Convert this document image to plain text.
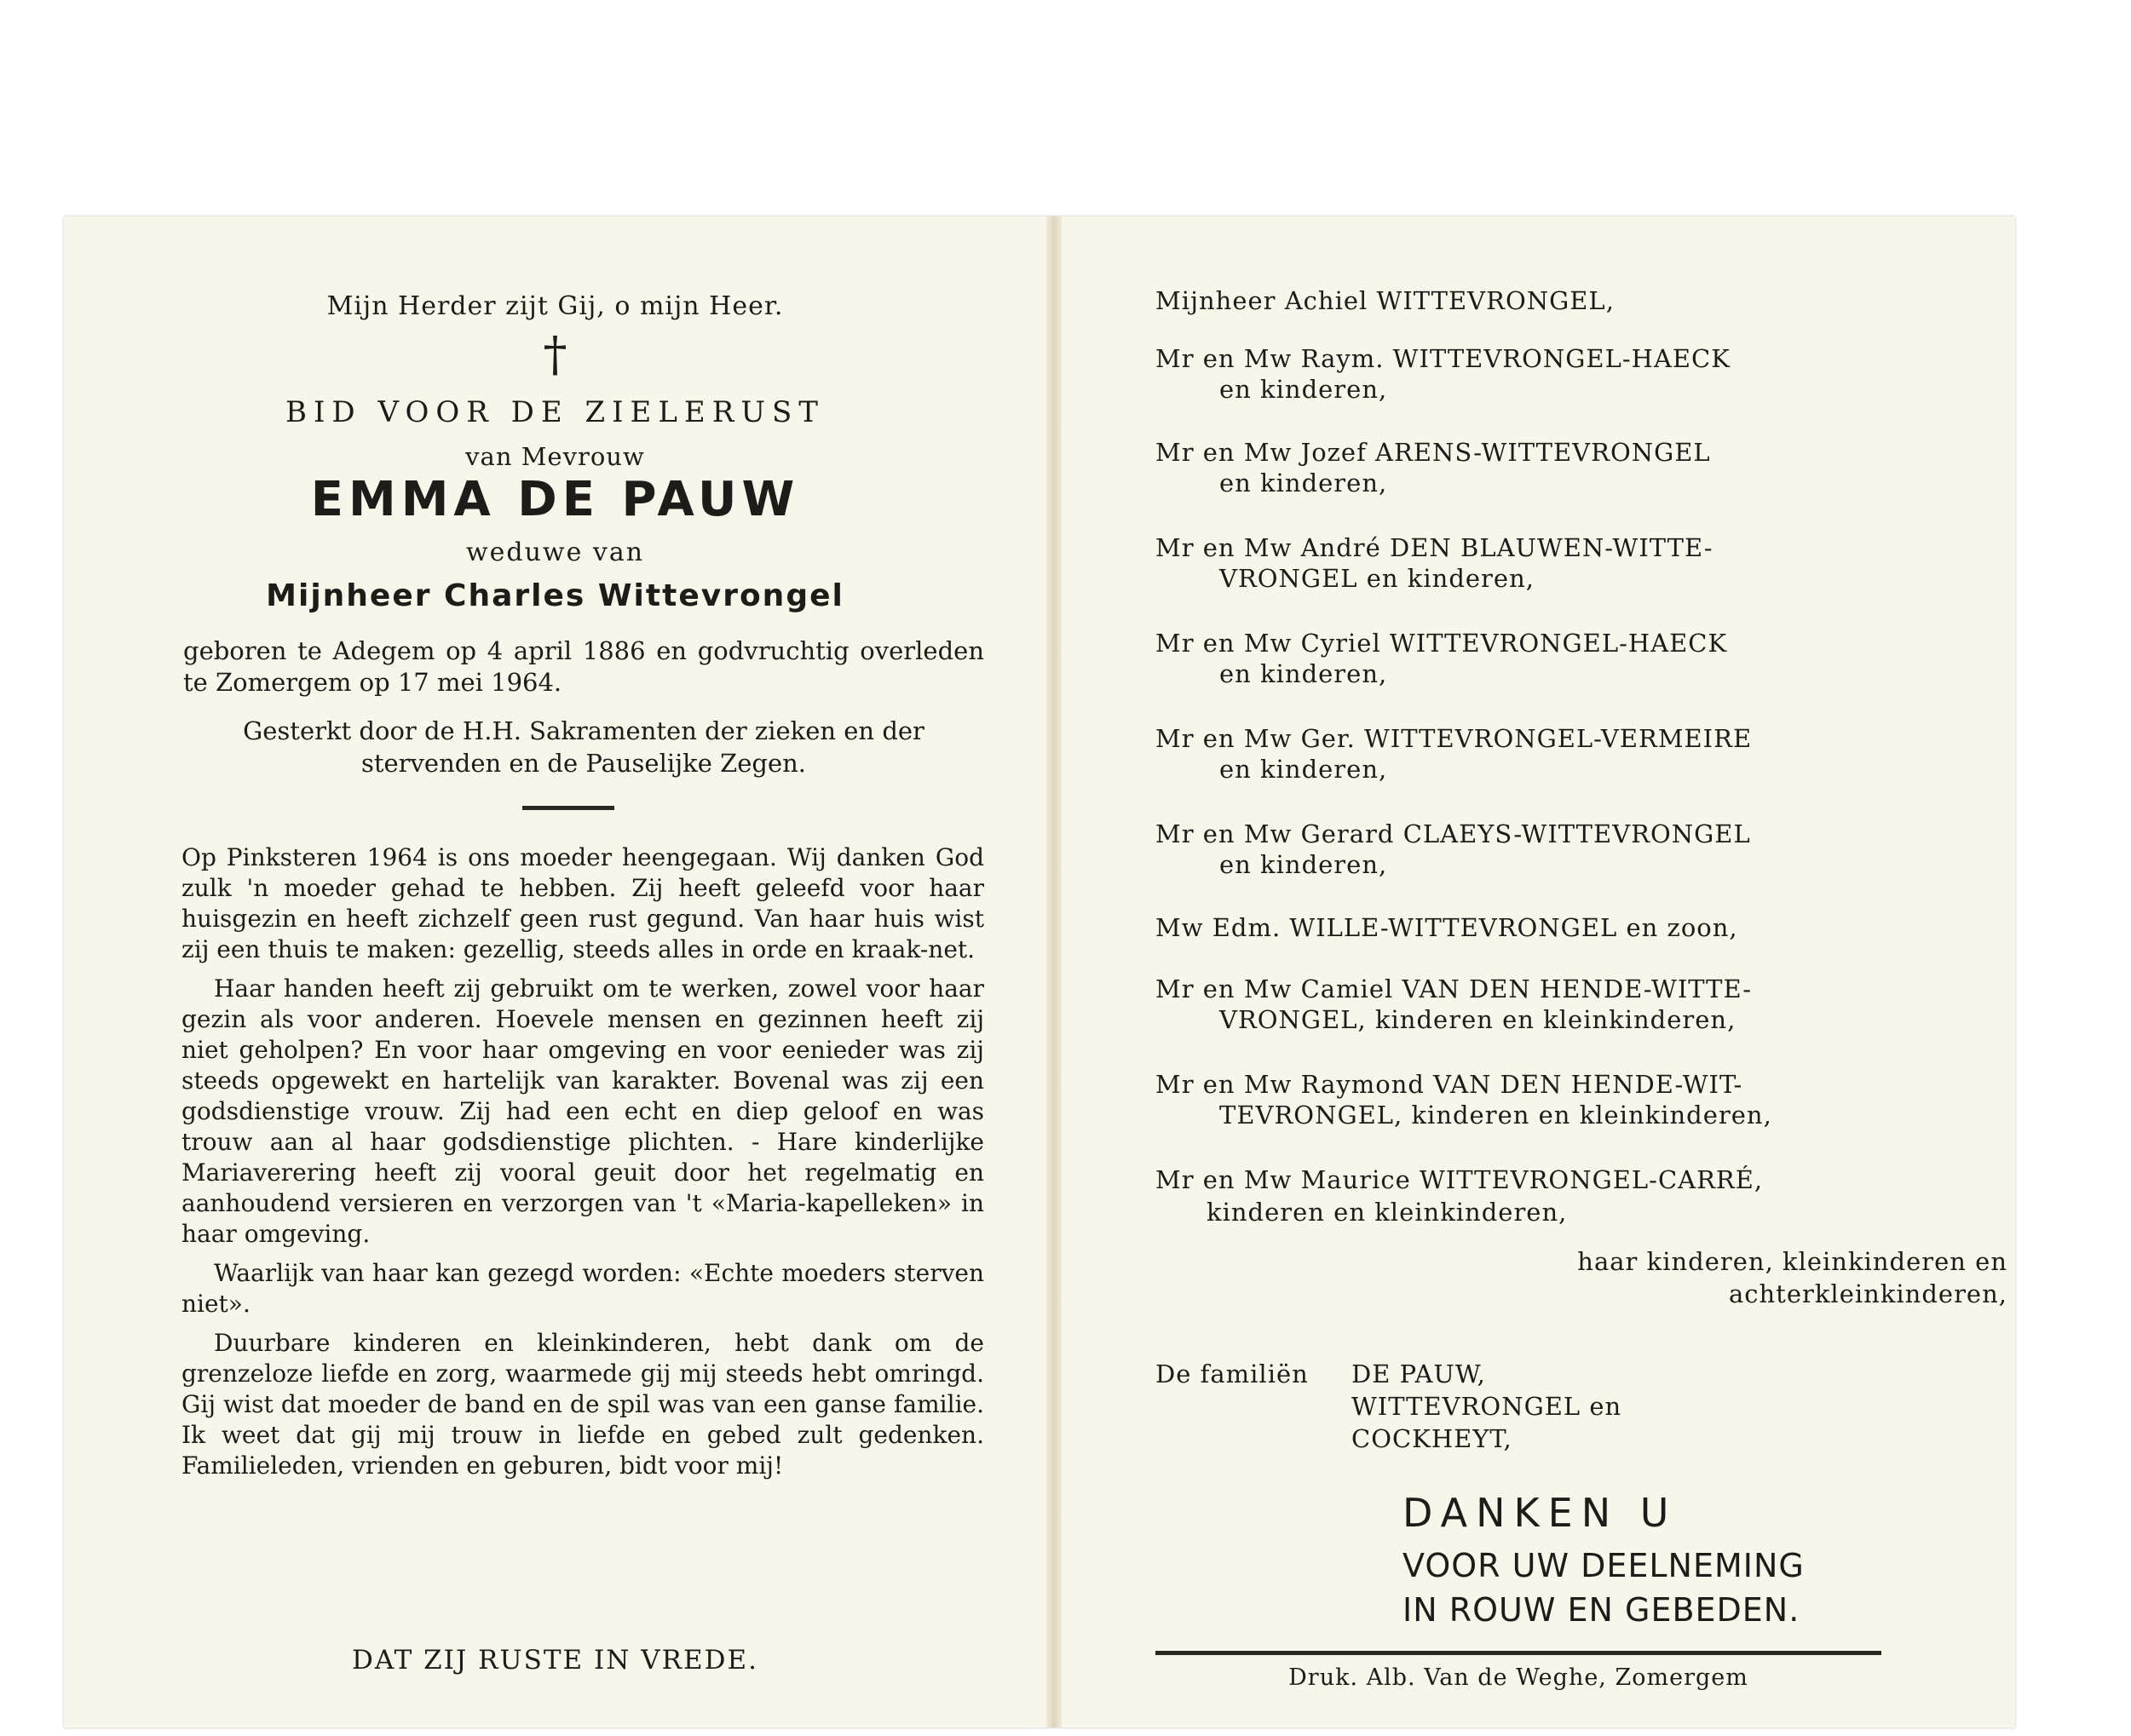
Mijn Herder zijt Gij, o mijn Heer.
†
BID VOOR DE ZIELERUST
van Mevrouw
EMMA DE PAUW
weduwe van
Mijnheer Charles Wittevrongel
geboren te Adegem op 4 april 1886 en godvruchtig overleden te Zomergem op 17 mei 1964.
Gesterkt door de H.H. Sakramenten der zieken en der stervenden en de Pauselijke Zegen.

Op Pinksteren 1964 is ons moeder heengegaan. Wij danken God zulk 'n moeder gehad te hebben. Zij heeft geleefd voor haar huisgezin en heeft zichzelf geen rust gegund. Van haar huis wist zij een thuis te maken: gezellig, steeds alles in orde en kraak-net.

Haar handen heeft zij gebruikt om te werken, zowel voor haar gezin als voor anderen. Hoevele mensen en gezinnen heeft zij niet geholpen? En voor haar omgeving en voor eenieder was zij steeds opgewekt en hartelijk van karakter. Bovenal was zij een godsdienstige vrouw. Zij had een echt en diep geloof en was trouw aan al haar godsdienstige plichten. - Hare kinderlijke Mariaverering heeft zij vooral geuit door het regelmatig en aanhoudend versieren en verzorgen van 't «Maria-kapelleken» in haar omgeving.

Waarlijk van haar kan gezegd worden: «Echte moeders sterven niet».

Duurbare kinderen en kleinkinderen, hebt dank om de grenzeloze liefde en zorg, waarmede gij mij steeds hebt omringd. Gij wist dat moeder de band en de spil was van een ganse familie. Ik weet dat gij mij trouw in liefde en gebed zult gedenken. Familieleden, vrienden en geburen, bidt voor mij!

DAT ZIJ RUSTE IN VREDE.
Mijnheer Achiel WITTEVRONGEL,
Mr en Mw Raym. WITTEVRONGEL-HAECK
en kinderen,
Mr en Mw Jozef ARENS-WITTEVRONGEL
en kinderen,
Mr en Mw André DEN BLAUWEN-WITTE-
VRONGEL en kinderen,
Mr en Mw Cyriel WITTEVRONGEL-HAECK
en kinderen,
Mr en Mw Ger. WITTEVRONGEL-VERMEIRE
en kinderen,
Mr en Mw Gerard CLAEYS-WITTEVRONGEL
en kinderen,
Mw Edm. WILLE-WITTEVRONGEL en zoon,
Mr en Mw Camiel VAN DEN HENDE-WITTE-
VRONGEL, kinderen en kleinkinderen,
Mr en Mw Raymond VAN DEN HENDE-WIT-
TEVRONGEL, kinderen en kleinkinderen,
Mr en Mw Maurice WITTEVRONGEL-CARRÉ,
kinderen en kleinkinderen,
haar kinderen, kleinkinderen en
achterkleinkinderen,
De familiën DE PAUW,
WITTEVRONGEL en
COCKHEYT,
DANKEN U
VOOR UW DEELNEMING
IN ROUW EN GEBEDEN.
Druk. Alb. Van de Weghe, Zomergem
